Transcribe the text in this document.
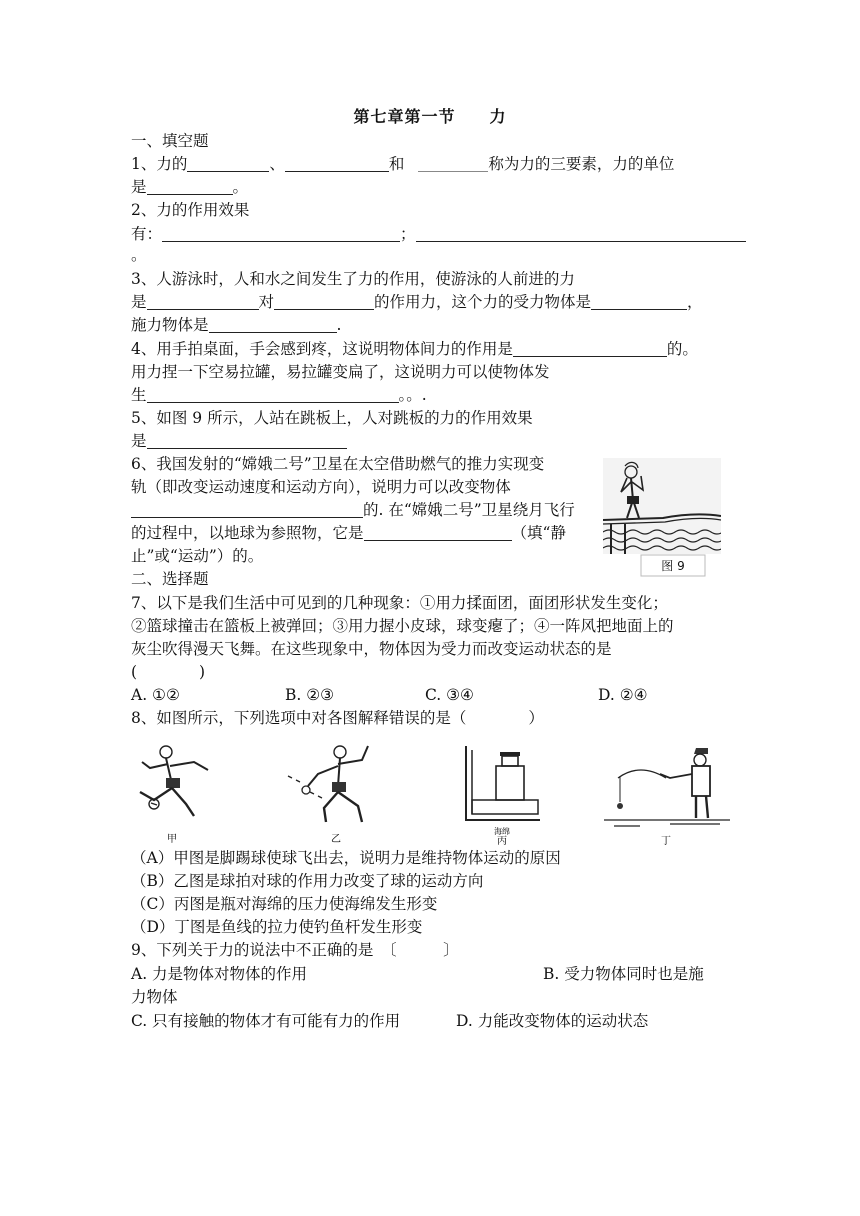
第七章第一节　　力
一、填空题
1、力的	、	和	称为力的三要素，力的单位
是	。
2、力的作用效果
有：	；
。
3、人游泳时，人和水之间发生了力的作用，使游泳的人前进的力
是	对	的作用力，这个力的受力物体是	，
施力物体是	.
4、用手拍桌面，手会感到疼，这说明物体间力的作用是	的。
用力捏一下空易拉罐，易拉罐变扁了，这说明力可以使物体发
生	。。.
5、如图 9 所示，人站在跳板上，人对跳板的力的作用效果
是
6、我国发射的“嫦娥二号”卫星在太空借助燃气的推力实现变
轨（即改变运动速度和运动方向），说明力可以改变物体
的. 在“嫦娥二号”卫星绕月飞行
的过程中，以地球为参照物，它是	（填“静
止”或“运动”）的。
图 9
二、选择题
7、以下是我们生活中可见到的几种现象：①用力揉面团，面团形状发生变化；
②篮球撞击在篮板上被弹回；③用力握小皮球，球变瘪了；④一阵风把地面上的
灰尘吹得漫天飞舞。在这些现象中，物体因为受力而改变运动状态的是
(　　　　)
A. ①②	B. ②③	C. ③④	D. ②④
8、如图所示，下列选项中对各图解释错误的是（　　　　）
甲	乙
海绵
丙	丁
（A）甲图是脚踢球使球飞出去，说明力是维持物体运动的原因
（B）乙图是球拍对球的作用力改变了球的运动方向
（C）丙图是瓶对海绵的压力使海绵发生形变
（D）丁图是鱼线的拉力使钓鱼杆发生形变
9、下列关于力的说法中不正确的是　〔　　　〕
A. 力是物体对物体的作用	B. 受力物体同时也是施
力物体
C. 只有接触的物体才有可能有力的作用	D. 力能改变物体的运动状态
